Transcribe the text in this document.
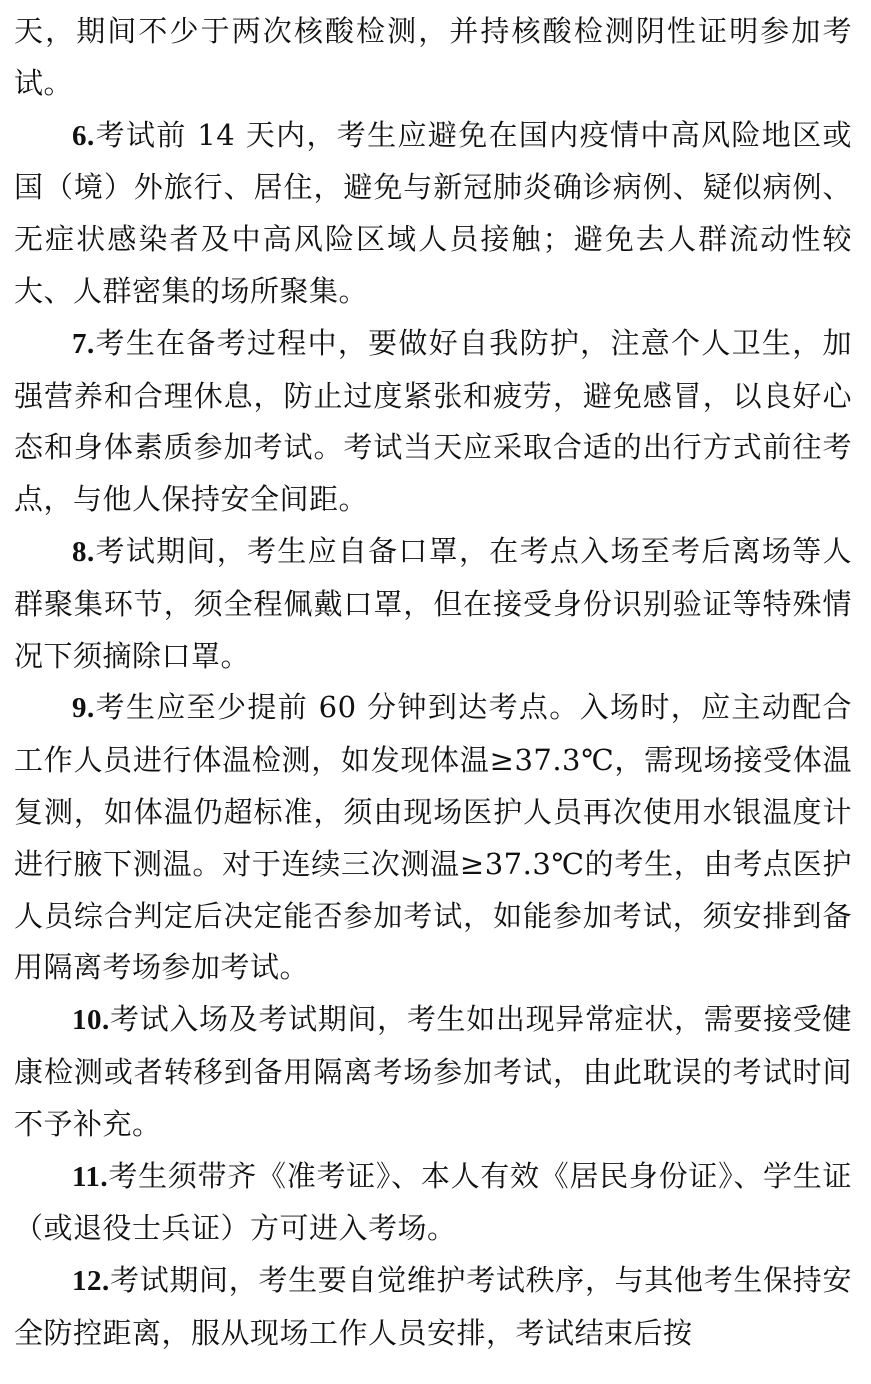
天，期间不少于两次核酸检测，并持核酸检测阴性证明参加考试。

6.考试前 14 天内，考生应避免在国内疫情中高风险地区或国（境）外旅行、居住，避免与新冠肺炎确诊病例、疑似病例、无症状感染者及中高风险区域人员接触；避免去人群流动性较大、人群密集的场所聚集。

7.考生在备考过程中，要做好自我防护，注意个人卫生，加强营养和合理休息，防止过度紧张和疲劳，避免感冒，以良好心态和身体素质参加考试。考试当天应采取合适的出行方式前往考点，与他人保持安全间距。

8.考试期间，考生应自备口罩，在考点入场至考后离场等人群聚集环节，须全程佩戴口罩，但在接受身份识别验证等特殊情况下须摘除口罩。

9.考生应至少提前 60 分钟到达考点。入场时，应主动配合工作人员进行体温检测，如发现体温≥37.3℃，需现场接受体温复测，如体温仍超标准，须由现场医护人员再次使用水银温度计进行腋下测温。对于连续三次测温≥37.3℃的考生，由考点医护人员综合判定后决定能否参加考试，如能参加考试，须安排到备用隔离考场参加考试。

10.考试入场及考试期间，考生如出现异常症状，需要接受健康检测或者转移到备用隔离考场参加考试，由此耽误的考试时间不予补充。

11.考生须带齐《准考证》、本人有效《居民身份证》、学生证（或退役士兵证）方可进入考场。

12.考试期间，考生要自觉维护考试秩序，与其他考生保持安全防控距离，服从现场工作人员安排，考试结束后按
